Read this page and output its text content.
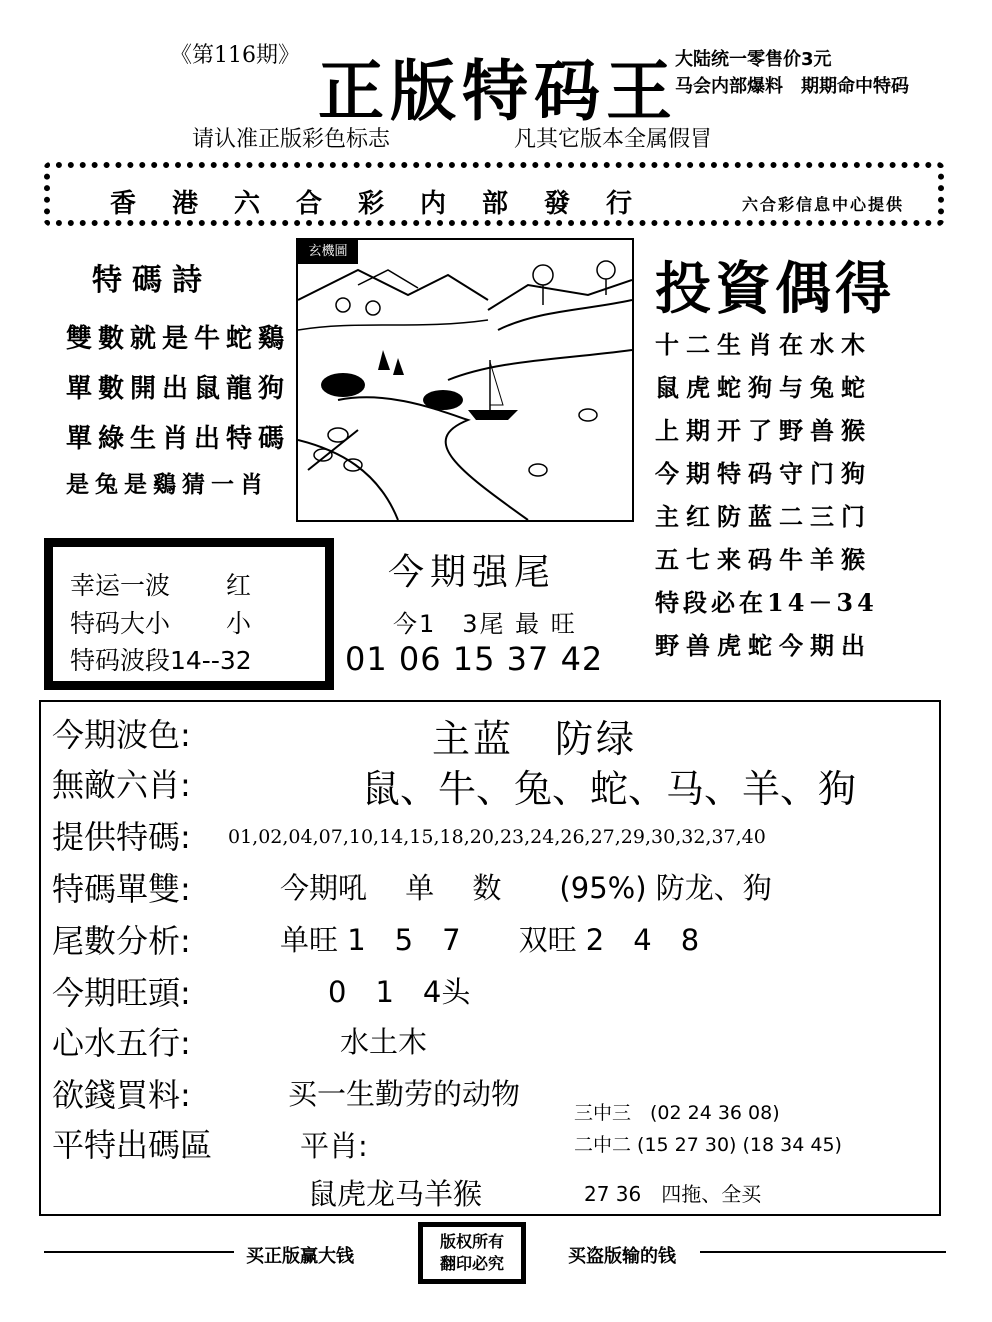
《第116期》 正版特码王
大陆统一零售价3元
马会内部爆料　期期命中特码
请认准正版彩色标志	凡其它版本全属假冒
香港六合彩内部發行	六合彩信息中心提供
特碼詩
雙數就是牛蛇鷄
單數開出鼠龍狗
單綠生肖出特碼
是兔是鷄猜一肖
玄機圖
投資偶得
十二生肖在水木
鼠虎蛇狗与兔蛇
上期开了野兽猴
今期特码守门狗
主红防蓝二三门
五七来码牛羊猴
特段必在14－34
野兽虎蛇今期出
幸运一波 红
特码大小 小
特码波段14--32
今期强尾
今1　3尾 最 旺
01 06 15 37 42
今期波色:	主蓝　防绿
無敵六肖:	鼠、牛、兔、蛇、马、羊、狗
提供特碼: 01,02,04,07,10,14,15,18,20,23,24,26,27,29,30,32,37,40
特碼單雙:	今期吼　 单　 数　　(95%) 防龙、狗
尾數分析:	单旺 1　5　7　　双旺 2　4　8
今期旺頭:	0　1　4头
心水五行:	水土木
欲錢買料:	买一生勤劳的动物
平特出碼區	平肖:
三中三　(02 24 36 08)
二中二 (15 27 30) (18 34 45)
鼠虎龙马羊猴	27 36　四拖、全买
买正版赢大钱
版权所有
翻印必究	买盗版输的钱
